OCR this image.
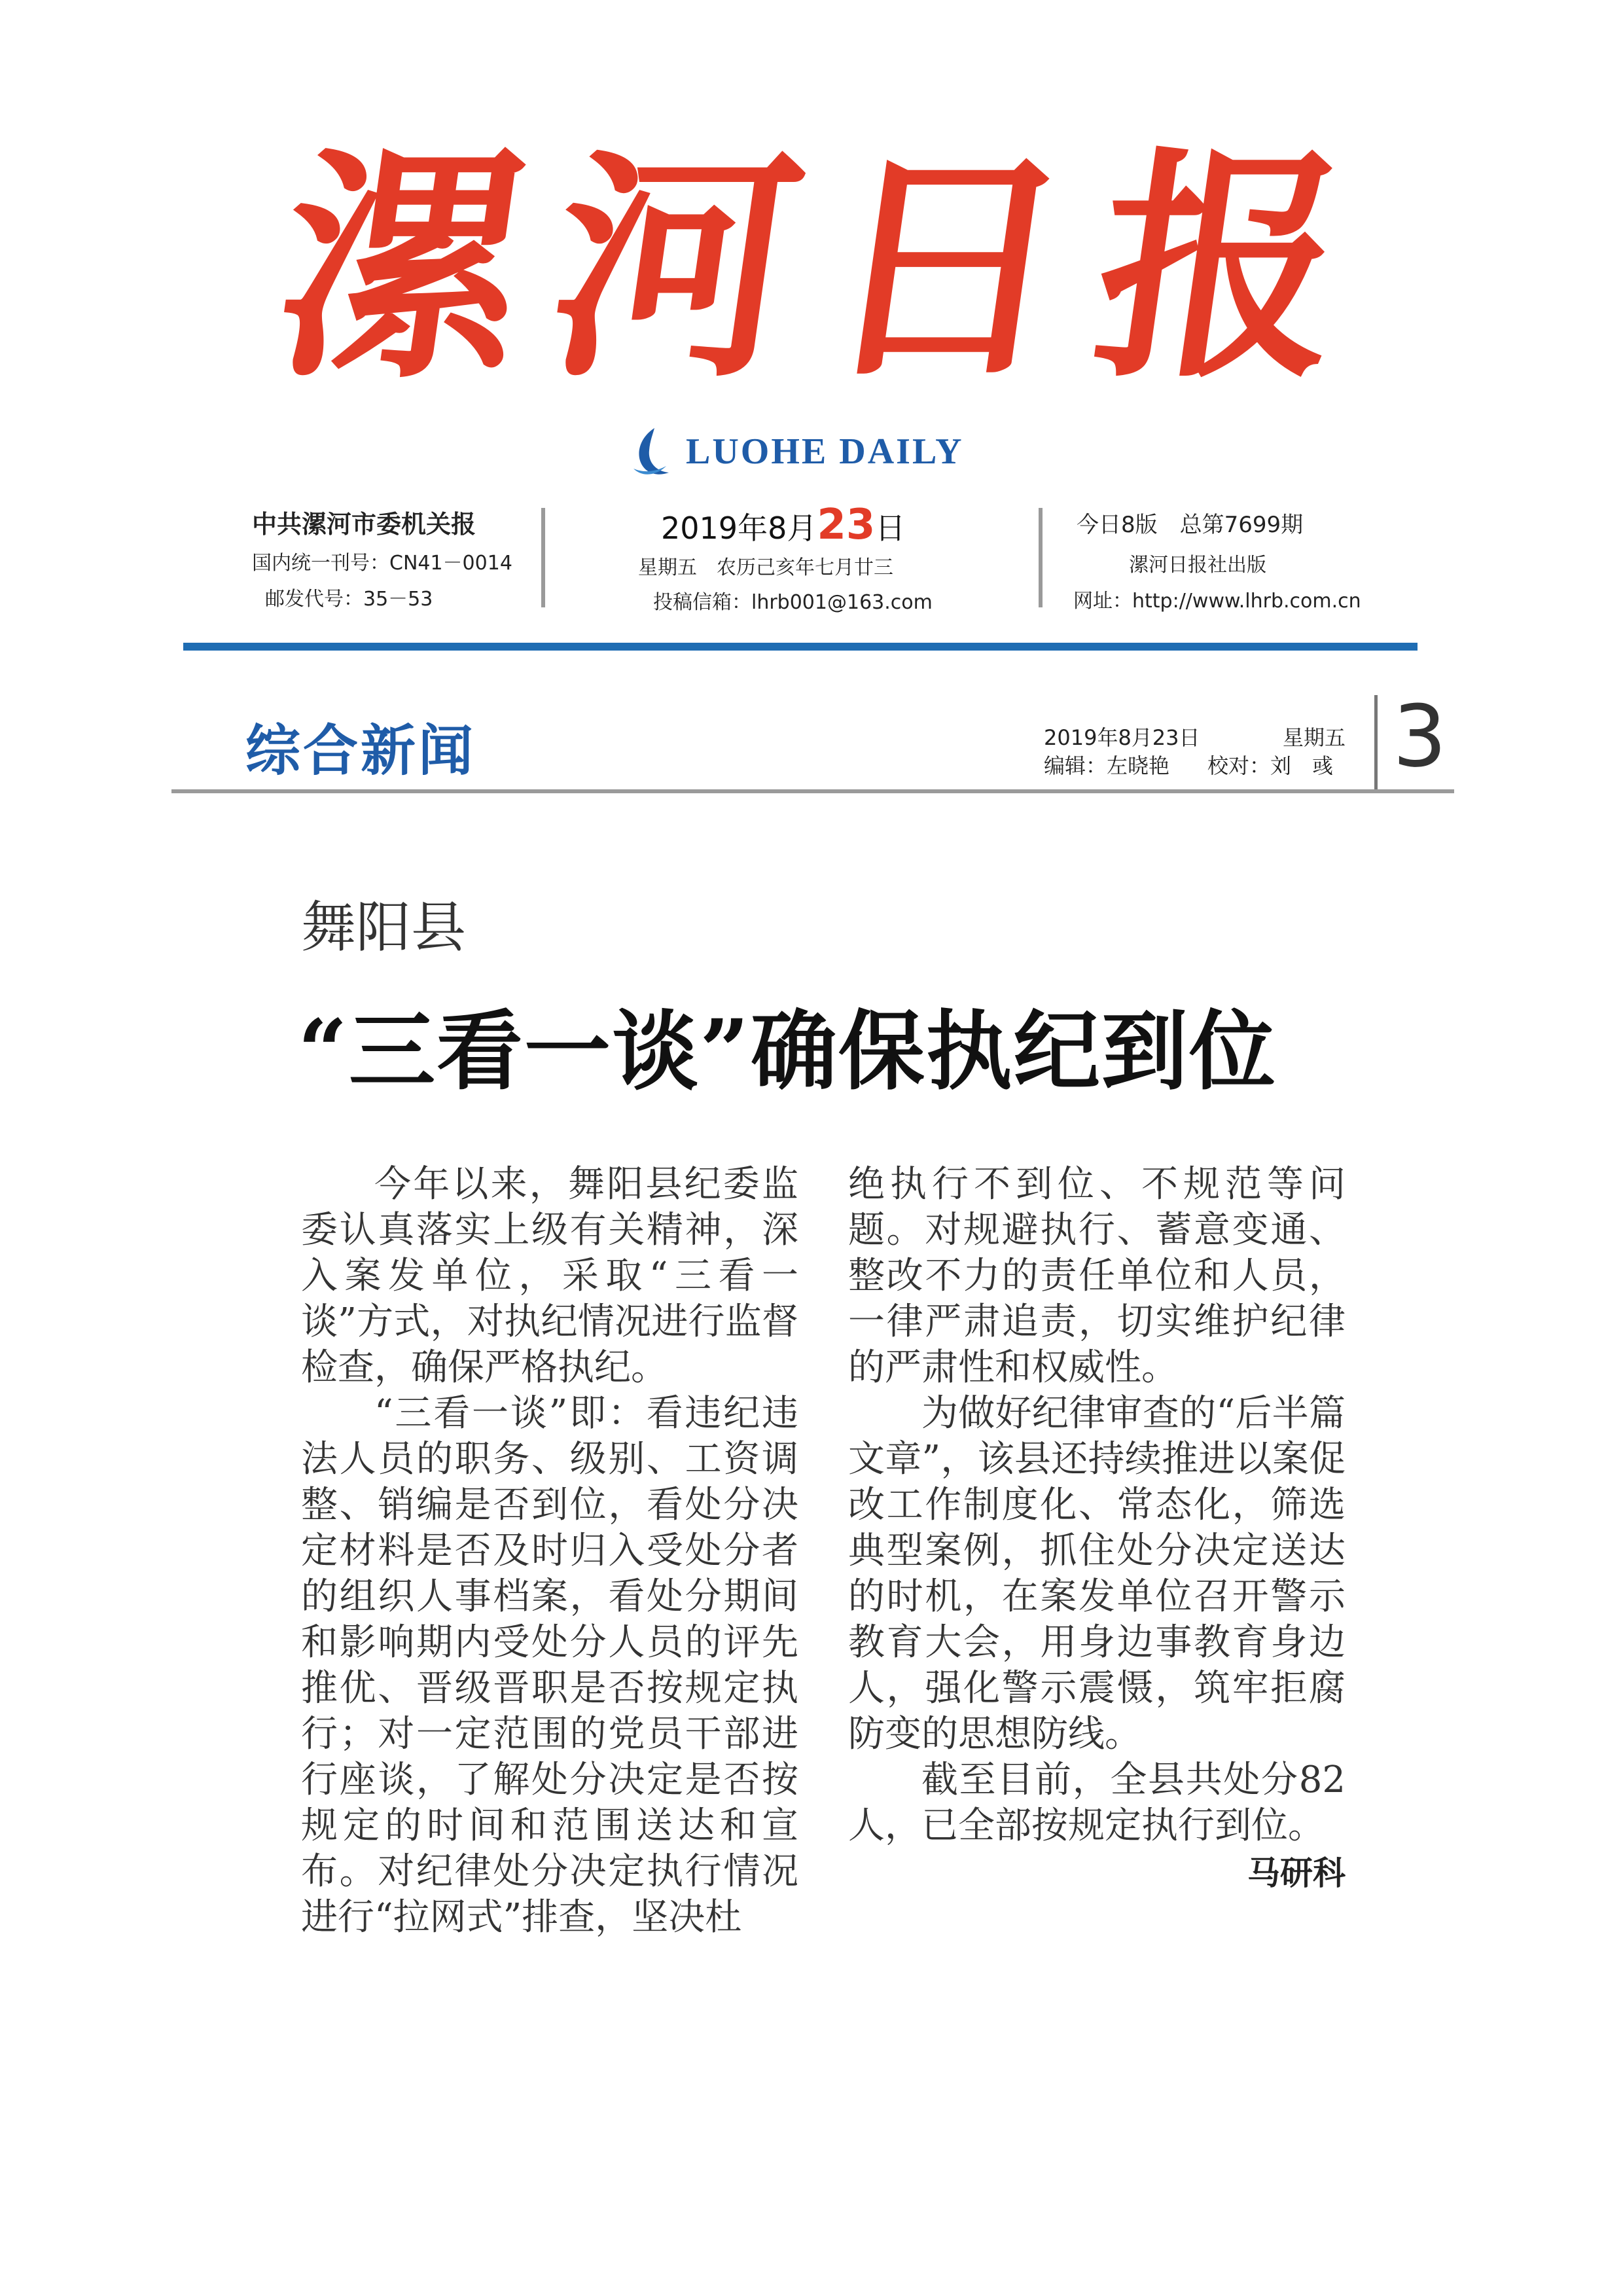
漯
河
日
报
LUOHE DAILY
中共漯河市委机关报
国内统一刊号：CN41－0014
邮发代号：35－53
2019年8月23日
星期五　农历己亥年七月廿三
投稿信箱：lhrb001@163.com
今日8版　总第7699期
漯河日报社出版
网址：http://www.lhrb.com.cn
综合新闻	2019年8月23日	星期五
编辑：左晓艳 校对：刘　彧 3
舞阳县
“三看一谈”确保执纪到位

今年以来，舞阳县纪委监委认真落实上级有关精神，深入案发单位，采取“三看一谈”方式，对执纪情况进行监督检查，确保严格执纪。

“三看一谈”即：看违纪违法人员的职务、级别、工资调整、销编是否到位，看处分决定材料是否及时归入受处分者的组织人事档案，看处分期间和影响期内受处分人员的评先推优、晋级晋职是否按规定执行；对一定范围的党员干部进行座谈，了解处分决定是否按规定的时间和范围送达和宣布。对纪律处分决定执行情况进行“拉网式”排查，坚决杜

绝执行不到位、不规范等问题。对规避执行、蓄意变通、整改不力的责任单位和人员，一律严肃追责，切实维护纪律的严肃性和权威性。

为做好纪律审查的“后半篇文章”，该县还持续推进以案促改工作制度化、常态化，筛选典型案例，抓住处分决定送达的时机，在案发单位召开警示教育大会，用身边事教育身边人，强化警示震慑，筑牢拒腐防变的思想防线。

截至目前，全县共处分82人，已全部按规定执行到位。

马研科
